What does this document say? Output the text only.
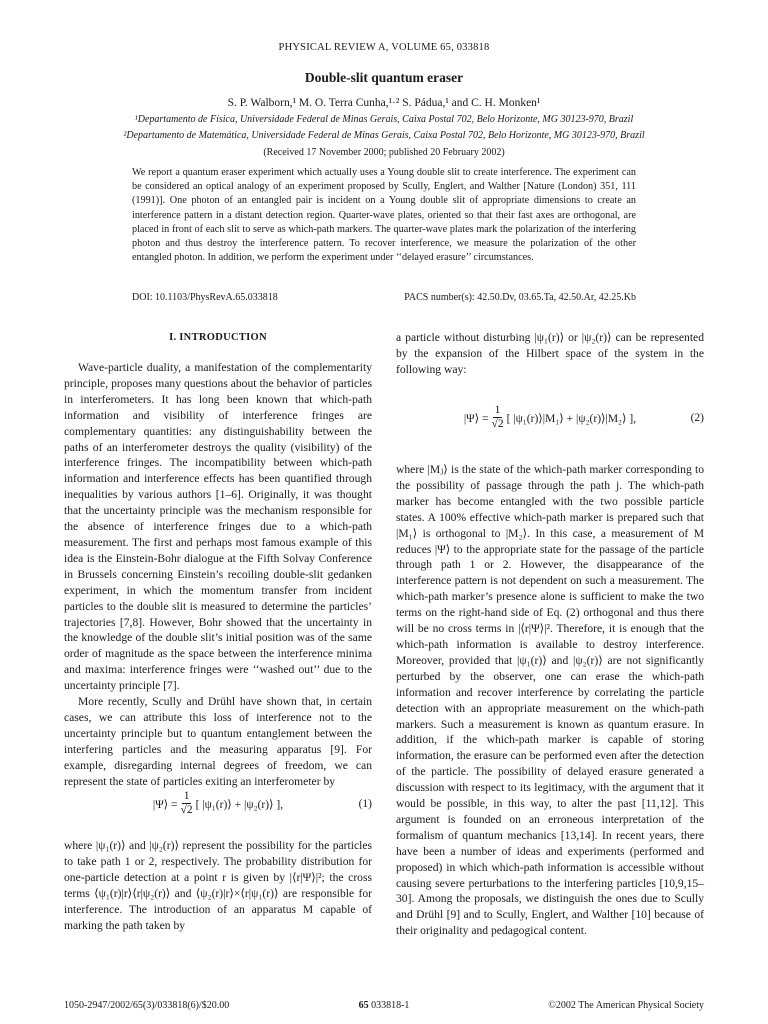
PHYSICAL REVIEW A, VOLUME 65, 033818
Double-slit quantum eraser
S. P. Walborn,¹ M. O. Terra Cunha,¹·² S. Pádua,¹ and C. H. Monken¹
¹Departamento de Física, Universidade Federal de Minas Gerais, Caixa Postal 702, Belo Horizonte, MG 30123-970, Brazil
²Departamento de Matemática, Universidade Federal de Minas Gerais, Caixa Postal 702, Belo Horizonte, MG 30123-970, Brazil
(Received 17 November 2000; published 20 February 2002)
We report a quantum eraser experiment which actually uses a Young double slit to create interference. The experiment can be considered an optical analogy of an experiment proposed by Scully, Englert, and Walther [Nature (London) 351, 111 (1991)]. One photon of an entangled pair is incident on a Young double slit of appropriate dimensions to create an interference pattern in a distant detection region. Quarter-wave plates, oriented so that their fast axes are orthogonal, are placed in front of each slit to serve as which-path markers. The quarter-wave plates mark the polarization of the interfering photon and thus destroy the interference pattern. To recover interference, we measure the polarization of the other entangled photon. In addition, we perform the experiment under ‘‘delayed erasure’’ circumstances.
DOI: 10.1103/PhysRevA.65.033818	PACS number(s): 42.50.Dv, 03.65.Ta, 42.50.Ar, 42.25.Kb
I. INTRODUCTION

Wave-particle duality, a manifestation of the complementarity principle, proposes many questions about the behavior of particles in interferometers. It has long been known that which-path information and visibility of interference fringes are complementary quantities: any distinguishability between the paths of an interferometer destroys the quality (visibility) of the interference fringes. The incompatibility between which-path information and interference effects has been quantified through inequalities by various authors [1–6]. Originally, it was thought that the uncertainty principle was the mechanism responsible for the absence of interference fringes due to a which-path measurement. The first and perhaps most famous example of this idea is the Einstein-Bohr dialogue at the Fifth Solvay Conference in Brussels concerning Einstein’s recoiling double-slit gedanken experiment, in which the momentum transfer from incident particles to the double slit is measured to determine the particles’ trajectories [7,8]. However, Bohr showed that the uncertainty in the knowledge of the double slit’s initial position was of the same order of magnitude as the space between the interference minima and maxima: interference fringes were ‘‘washed out’’ due to the uncertainty principle [7].

More recently, Scully and Drühl have shown that, in certain cases, we can attribute this loss of interference not to the uncertainty principle but to quantum entanglement between the interfering particles and the measuring apparatus [9]. For example, disregarding internal degrees of freedom, we can represent the state of particles exiting an interferometer by

|Ψ⟩ = $\frac{1}{√2}$ [ |ψ₁(r)⟩ + |ψ₂(r)⟩ ],	(1)

where |ψ₁(r)⟩ and |ψ₂(r)⟩ represent the possibility for the particles to take path 1 or 2, respectively. The probability distribution for one-particle detection at a point r is given by |⟨r|Ψ⟩|²; the cross terms ⟨ψ₁(r)|r⟩⟨r|ψ₂(r)⟩ and ⟨ψ₂(r)|r⟩×⟨r|ψ₁(r)⟩ are responsible for interference. The introduction of an apparatus M capable of marking the path taken by

a particle without disturbing |ψ₁(r)⟩ or |ψ₂(r)⟩ can be represented by the expansion of the Hilbert space of the system in the following way:

|Ψ⟩ = $\frac{1}{√2}$ [ |ψ₁(r)⟩|M₁⟩ + |ψ₂(r)⟩|M₂⟩ ],	(2)

where |Mⱼ⟩ is the state of the which-path marker corresponding to the possibility of passage through the path j. The which-path marker has become entangled with the two possible particle states. A 100% effective which-path marker is prepared such that |M₁⟩ is orthogonal to |M₂⟩. In this case, a measurement of M reduces |Ψ⟩ to the appropriate state for the passage of the particle through path 1 or 2. However, the disappearance of the interference pattern is not dependent on such a measurement. The which-path marker’s presence alone is sufficient to make the two terms on the right-hand side of Eq. (2) orthogonal and thus there will be no cross terms in |⟨r|Ψ⟩|². Therefore, it is enough that the which-path information is available to destroy interference. Moreover, provided that |ψ₁(r)⟩ and |ψ₂(r)⟩ are not significantly perturbed by the observer, one can erase the which-path information and recover interference by correlating the particle detection with an appropriate measurement on the which-path markers. Such a measurement is known as quantum erasure. In addition, if the which-path marker is capable of storing information, the erasure can be performed even after the detection of the particle. The possibility of delayed erasure generated a discussion with respect to its legitimacy, with the argument that it would be possible, in this way, to alter the past [11,12]. This argument is founded on an erroneous interpretation of the formalism of quantum mechanics [13,14]. In recent years, there have been a number of ideas and experiments (performed and proposed) in which which-path information is accessible without causing severe perturbations to the interfering particles [10,9,15–30]. Among the proposals, we distinguish the ones due to Scully and Drühl [9] and to Scully, Englert, and Walther [10] because of their originality and pedagogical content.

1050-2947/2002/65(3)/033818(6)/$20.00	65 033818-1	©2002 The American Physical Society
